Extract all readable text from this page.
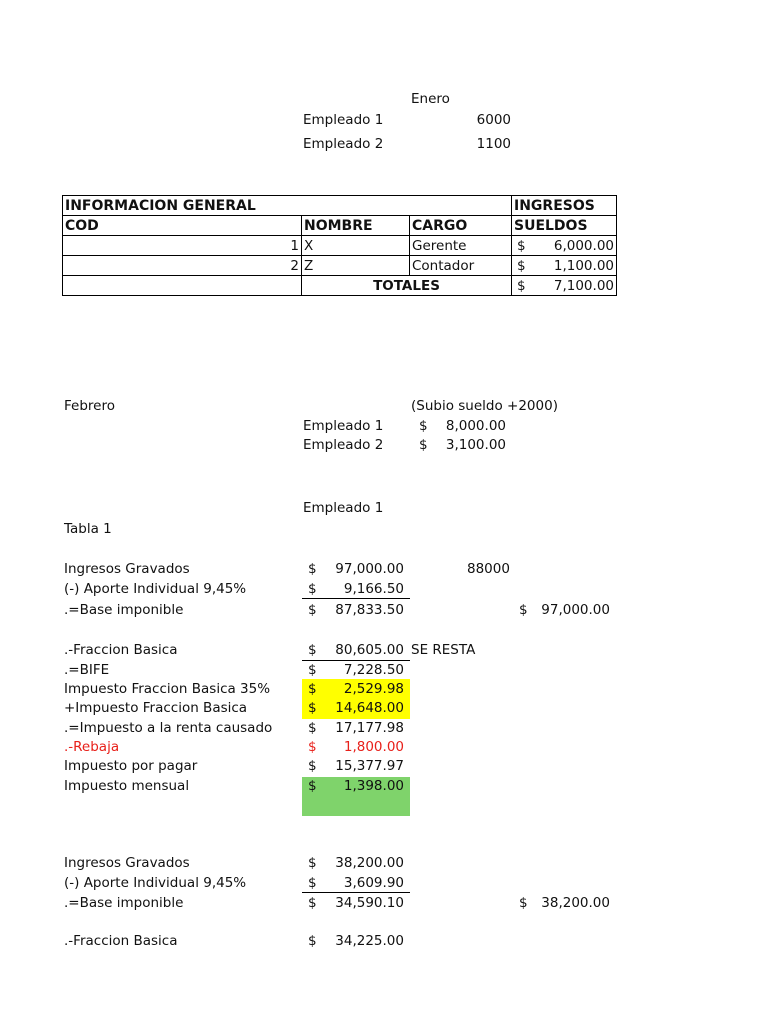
Enero
Empleado 1	6000
Empleado 2	1100
INFORMACION GENERAL			INGRESOS
COD	NOMBRE	CARGO	SUELDOS
1	X	Gerente	$ 6,000.00

2	Z	Contador	$ 1,100.00

	TOTALES		$ 7,100.00
Febrero	(Subio sueldo +2000)
Empleado 1	$ 8,000.00
Empleado 2	$ 3,100.00
Empleado 1
Tabla 1
Ingresos Gravados	$ 97,000.00	88000
(-) Aporte Individual 9,45%	$ 9,166.50
.=Base imponible	$ 87,833.50	$ 97,000.00
.-Fraccion Basica	$ 80,605.00 SE RESTA
.=BIFE	$ 7,228.50
Impuesto Fraccion Basica 35%	$ 2,529.98
+Impuesto Fraccion Basica	$ 14,648.00
.=Impuesto a la renta causado	$ 17,177.98
.-Rebaja	$ 1,800.00
Impuesto por pagar	$ 15,377.97
Impuesto mensual	$ 1,398.00
Ingresos Gravados	$ 38,200.00
(-) Aporte Individual 9,45%	$ 3,609.90
.=Base imponible	$ 34,590.10	$ 38,200.00
.-Fraccion Basica	$ 34,225.00
